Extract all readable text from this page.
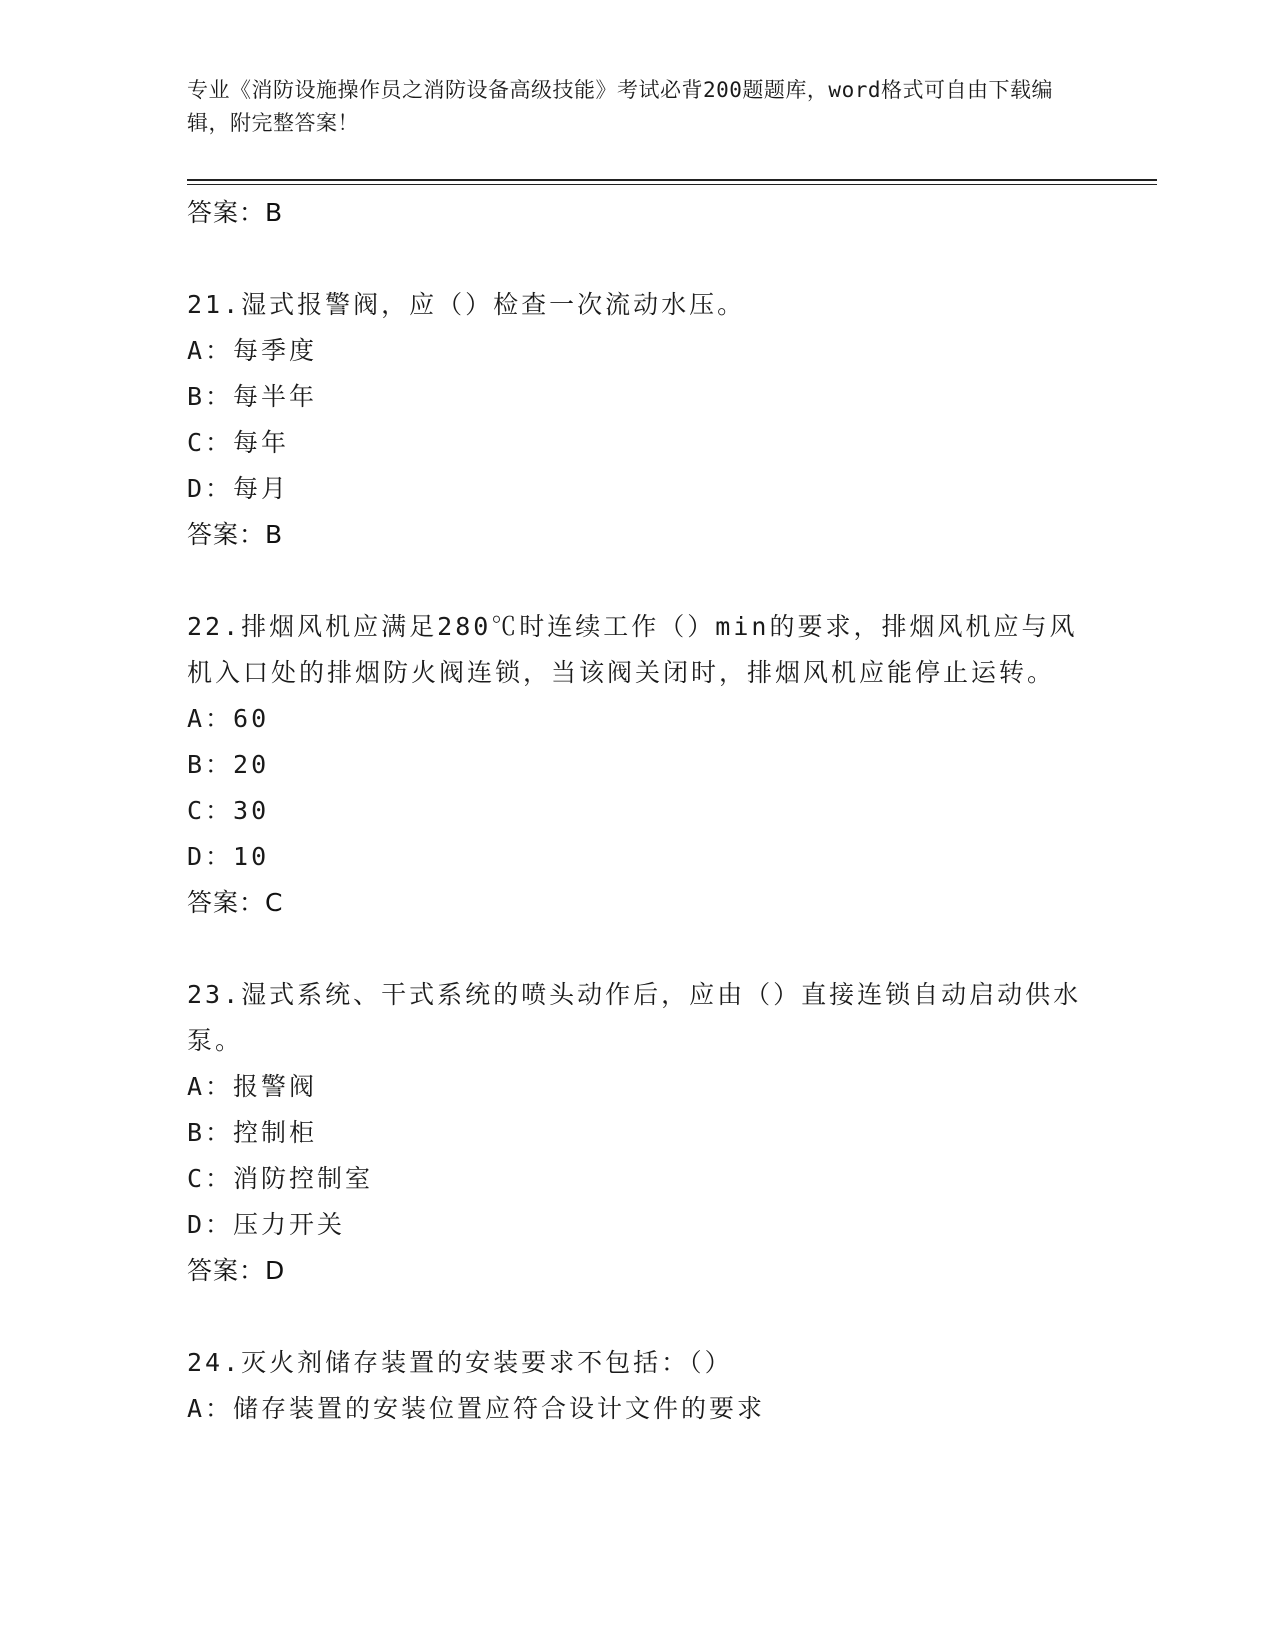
专业《消防设施操作员之消防设备高级技能》考试必背200题题库，word格式可自由下载编辑，附完整答案！
答案：B
21.湿式报警阀，应（）检查一次流动水压。
A：每季度
B：每半年
C：每年
D：每月
答案：B
22.排烟风机应满足280℃时连续工作（）min的要求，排烟风机应与风机入口处的排烟防火阀连锁，当该阀关闭时，排烟风机应能停止运转。
A：60
B：20
C：30
D：10
答案：C
23.湿式系统、干式系统的喷头动作后，应由（）直接连锁自动启动供水泵。
A：报警阀
B：控制柜
C：消防控制室
D：压力开关
答案：D
24.灭火剂储存装置的安装要求不包括：（）
A：储存装置的安装位置应符合设计文件的要求
